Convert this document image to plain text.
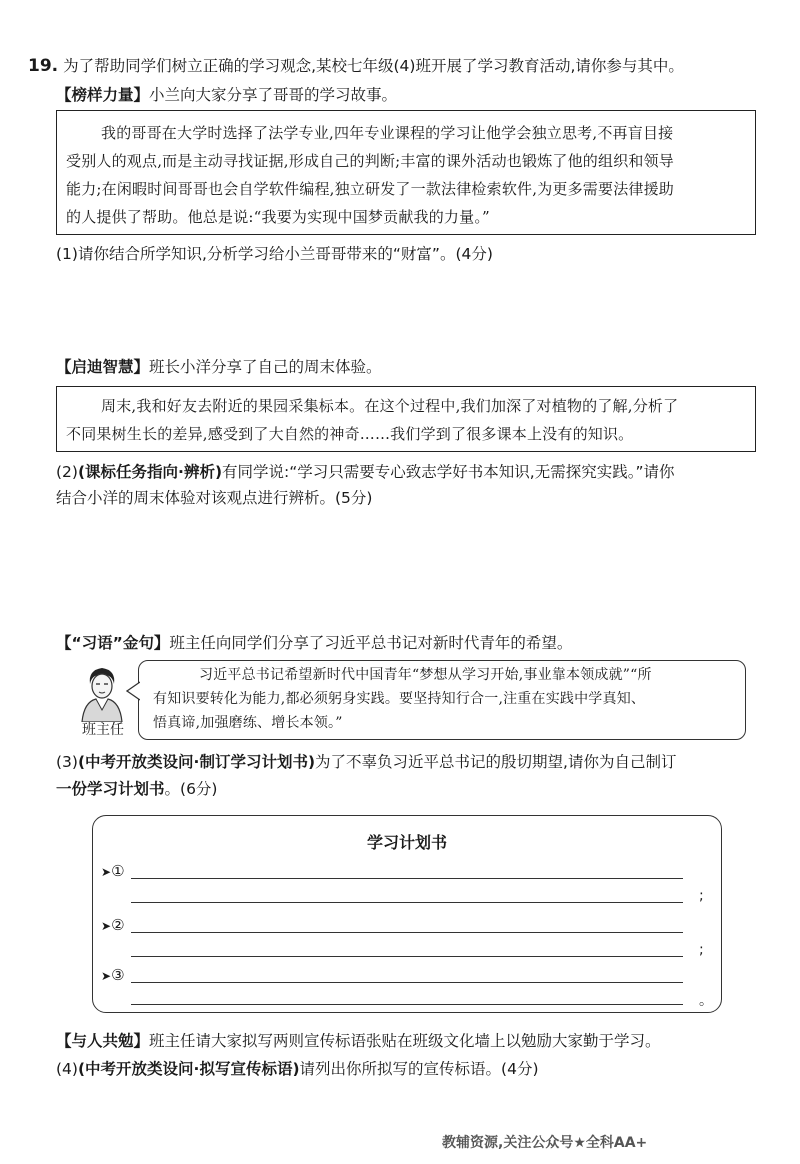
19. 为了帮助同学们树立正确的学习观念,某校七年级(4)班开展了学习教育活动,请你参与其中。
【榜样力量】小兰向大家分享了哥哥的学习故事。
我的哥哥在大学时选择了法学专业,四年专业课程的学习让他学会独立思考,不再盲目接
受别人的观点,而是主动寻找证据,形成自己的判断;丰富的课外活动也锻炼了他的组织和领导
能力;在闲暇时间哥哥也会自学软件编程,独立研发了一款法律检索软件,为更多需要法律援助
的人提供了帮助。他总是说:“我要为实现中国梦贡献我的力量。”
(1)请你结合所学知识,分析学习给小兰哥哥带来的“财富”。(4分)
【启迪智慧】班长小洋分享了自己的周末体验。
周末,我和好友去附近的果园采集标本。在这个过程中,我们加深了对植物的了解,分析了
不同果树生长的差异,感受到了大自然的神奇……我们学到了很多课本上没有的知识。
(2)(课标任务指向·辨析)有同学说:“学习只需要专心致志学好书本知识,无需探究实践。”请你
结合小洋的周末体验对该观点进行辨析。(5分)
【“习语”金句】班主任向同学们分享了习近平总书记对新时代青年的希望。
班主任
习近平总书记希望新时代中国青年“梦想从学习开始,事业靠本领成就”“所
有知识要转化为能力,都必须躬身实践。要坚持知行合一,注重在实践中学真知、
悟真谛,加强磨练、增长本领。”
(3)(中考开放类设问·制订学习计划书)为了不辜负习近平总书记的殷切期望,请你为自己制订
一份学习计划书。(6分)
学习计划书
➤①
;
➤②
;
➤③
。
【与人共勉】班主任请大家拟写两则宣传标语张贴在班级文化墙上以勉励大家勤于学习。
(4)(中考开放类设问·拟写宣传标语)请列出你所拟写的宣传标语。(4分)
教辅资源,关注公众号★全科AA+
